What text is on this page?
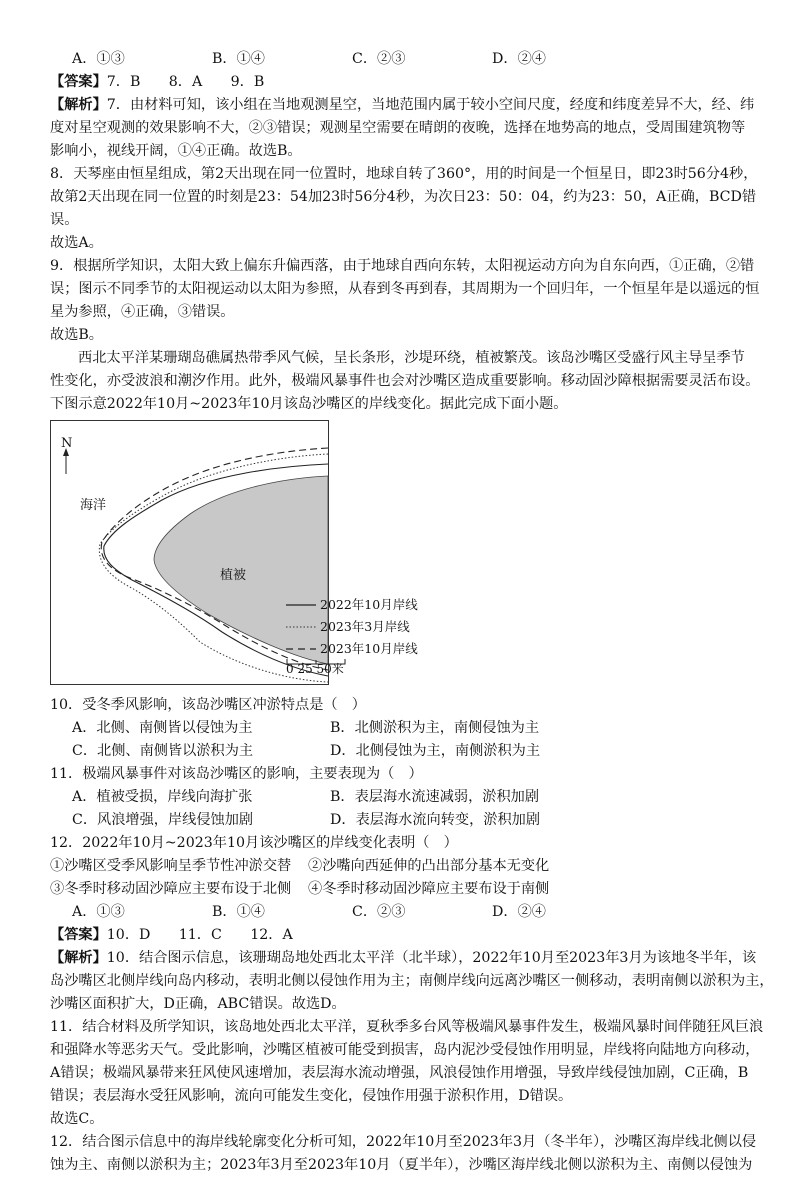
A．①③	B．①④	C．②③	D．②④
【答案】7．B　　8．A　　9．B
【解析】7．由材料可知，该小组在当地观测星空，当地范围内属于较小空间尺度，经度和纬度差异不大，经、纬
度对星空观测的效果影响不大，②③错误；观测星空需要在晴朗的夜晚，选择在地势高的地点，受周围建筑物等
影响小，视线开阔，①④正确。故选B。
8．天琴座由恒星组成，第2天出现在同一位置时，地球自转了360°，用的时间是一个恒星日，即23时56分4秒，
故第2天出现在同一位置的时刻是23：54加23时56分4秒，为次日23：50：04，约为23：50，A正确，BCD错
误。
故选A。
9．根据所学知识，太阳大致上偏东升偏西落，由于地球自西向东转，太阳视运动方向为自东向西，①正确，②错
误；图示不同季节的太阳视运动以太阳为参照，从春到冬再到春，其周期为一个回归年，一个恒星年是以遥远的恒
星为参照，④正确，③错误。
故选B。
西北太平洋某珊瑚岛礁属热带季风气候，呈长条形，沙堤环绕，植被繁茂。该岛沙嘴区受盛行风主导呈季节
性变化，亦受波浪和潮汐作用。此外，极端风暴事件也会对沙嘴区造成重要影响。移动固沙障根据需要灵活布设。
下图示意2022年10月~2023年10月该岛沙嘴区的岸线变化。据此完成下面小题。
N
海洋
植被
2022年10月岸线
2023年3月岸线
2023年10月岸线
0 25 50米
10．受冬季风影响，该岛沙嘴区冲淤特点是（　）
A．北侧、南侧皆以侵蚀为主	B．北侧淤积为主，南侧侵蚀为主
C．北侧、南侧皆以淤积为主	D．北侧侵蚀为主，南侧淤积为主
11．极端风暴事件对该岛沙嘴区的影响，主要表现为（　）
A．植被受损，岸线向海扩张	B．表层海水流速减弱，淤积加剧
C．风浪增强，岸线侵蚀加剧	D．表层海水流向转变，淤积加剧
12．2022年10月~2023年10月该沙嘴区的岸线变化表明（　）
①沙嘴区受季风影响呈季节性冲淤交替	②沙嘴向西延伸的凸出部分基本无变化
③冬季时移动固沙障应主要布设于北侧	④冬季时移动固沙障应主要布设于南侧
A．①③	B．①④	C．②③	D．②④
【答案】10．D　　11．C　　12．A
【解析】10．结合图示信息，该珊瑚岛地处西北太平洋（北半球），2022年10月至2023年3月为该地冬半年，该
岛沙嘴区北侧岸线向岛内移动，表明北侧以侵蚀作用为主；南侧岸线向远离沙嘴区一侧移动，表明南侧以淤积为主，
沙嘴区面积扩大，D正确，ABC错误。故选D。
11．结合材料及所学知识，该岛地处西北太平洋，夏秋季多台风等极端风暴事件发生，极端风暴时间伴随狂风巨浪
和强降水等恶劣天气。受此影响，沙嘴区植被可能受到损害，岛内泥沙受侵蚀作用明显，岸线将向陆地方向移动，
A错误；极端风暴带来狂风使风速增加，表层海水流动增强，风浪侵蚀作用增强，导致岸线侵蚀加剧，C正确，B
错误；表层海水受狂风影响，流向可能发生变化，侵蚀作用强于淤积作用，D错误。
故选C。
12．结合图示信息中的海岸线轮廓变化分析可知，2022年10月至2023年3月（冬半年），沙嘴区海岸线北侧以侵
蚀为主、南侧以淤积为主；2023年3月至2023年10月（夏半年），沙嘴区海岸线北侧以淤积为主、南侧以侵蚀为
